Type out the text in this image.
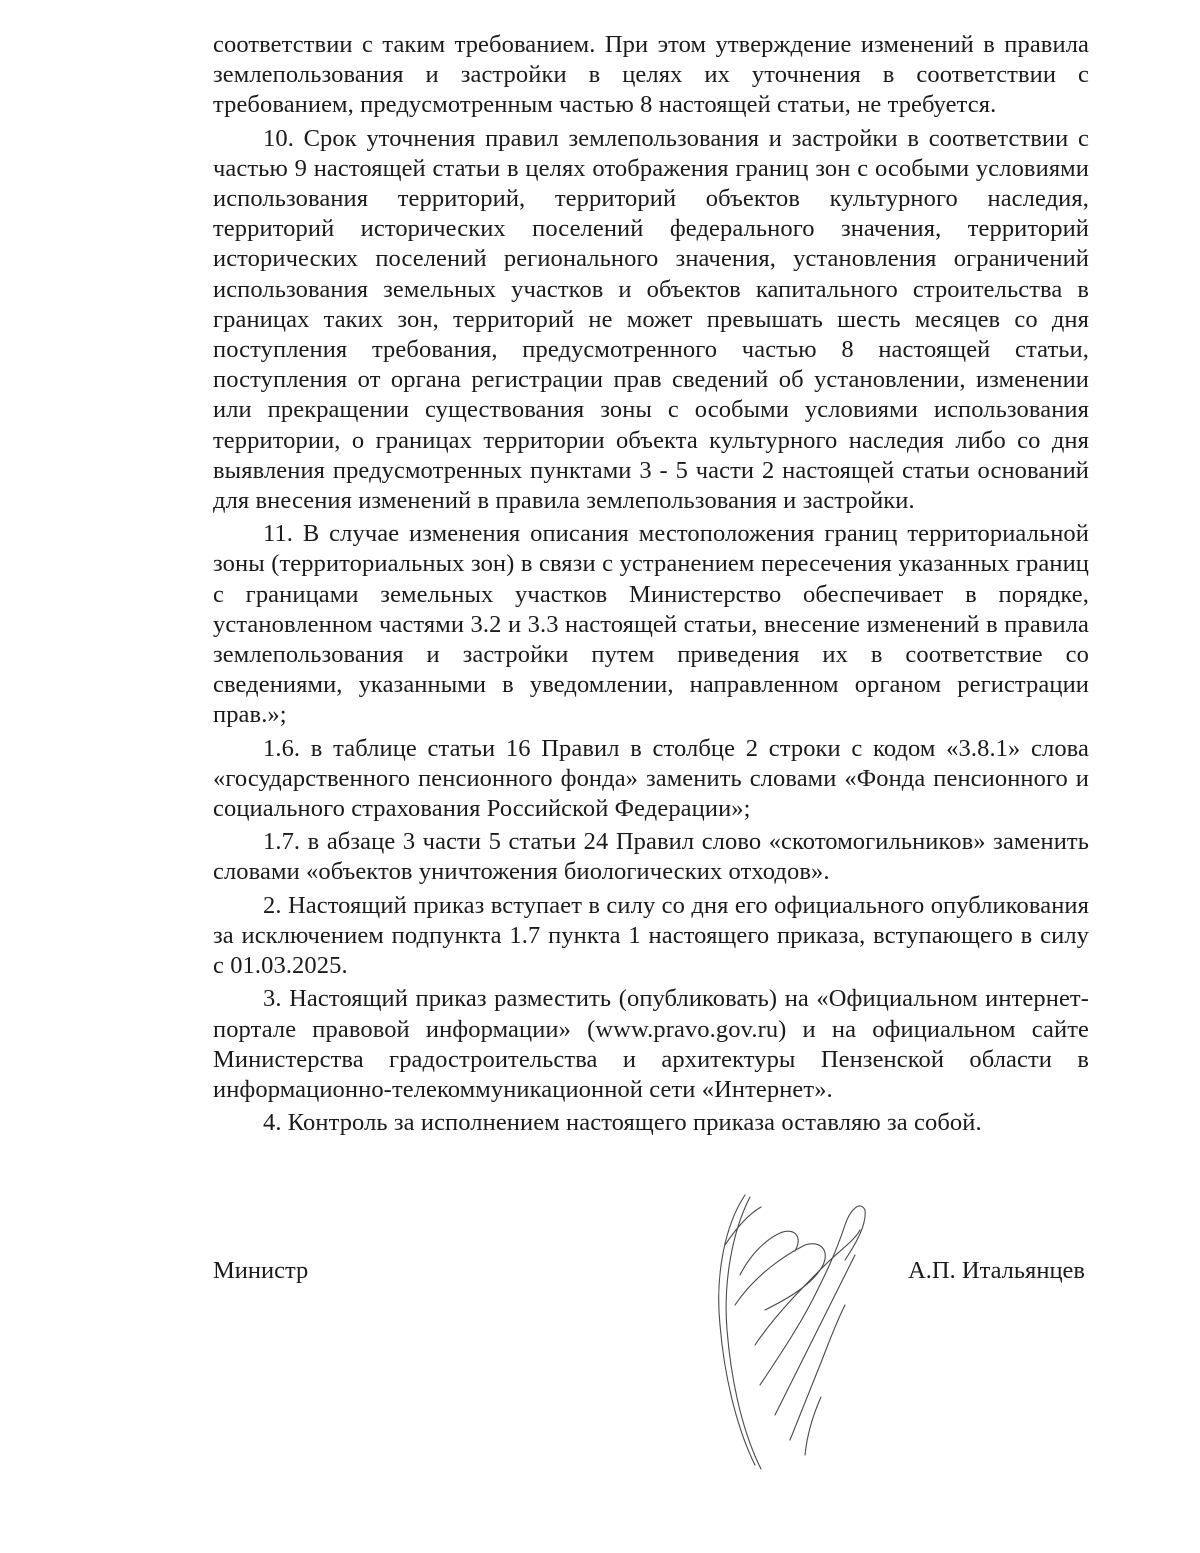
соответствии с таким требованием. При этом утверждение изменений в правила землепользования и застройки в целях их уточнения в соответствии с требованием, предусмотренным частью 8 настоящей статьи, не требуется.

10. Срок уточнения правил землепользования и застройки в соответствии с частью 9 настоящей статьи в целях отображения границ зон с особыми условиями использования территорий, территорий объектов культурного наследия, территорий исторических поселений федерального значения, территорий исторических поселений регионального значения, установления ограничений использования земельных участков и объектов капитального строительства в границах таких зон, территорий не может превышать шесть месяцев со дня поступления требования, предусмотренного частью 8 настоящей статьи, поступления от органа регистрации прав сведений об установлении, изменении или прекращении существования зоны с особыми условиями использования территории, о границах территории объекта культурного наследия либо со дня выявления предусмотренных пунктами 3 - 5 части 2 настоящей статьи оснований для внесения изменений в правила землепользования и застройки.

11. В случае изменения описания местоположения границ территориальной зоны (территориальных зон) в связи с устранением пересечения указанных границ с границами земельных участков Министерство обеспечивает в порядке, установленном частями 3.2 и 3.3 настоящей статьи, внесение изменений в правила землепользования и застройки путем приведения их в соответствие со сведениями, указанными в уведомлении, направленном органом регистрации прав.»;

1.6. в таблице статьи 16 Правил в столбце 2 строки с кодом «3.8.1» слова «государственного пенсионного фонда» заменить словами «Фонда пенсионного и социального страхования Российской Федерации»;

1.7. в абзаце 3 части 5 статьи 24 Правил слово «скотомогильников» заменить словами «объектов уничтожения биологических отходов».

2. Настоящий приказ вступает в силу со дня его официального опубликования за исключением подпункта 1.7 пункта 1 настоящего приказа, вступающего в силу с 01.03.2025.

3. Настоящий приказ разместить (опубликовать) на «Официальном интернет-портале правовой информации» (www.pravo.gov.ru) и на официальном сайте Министерства градостроительства и архитектуры Пензенской области в информационно-телекоммуникационной сети «Интернет».

4. Контроль за исполнением настоящего приказа оставляю за собой.

Министр	А.П. Итальянцев
